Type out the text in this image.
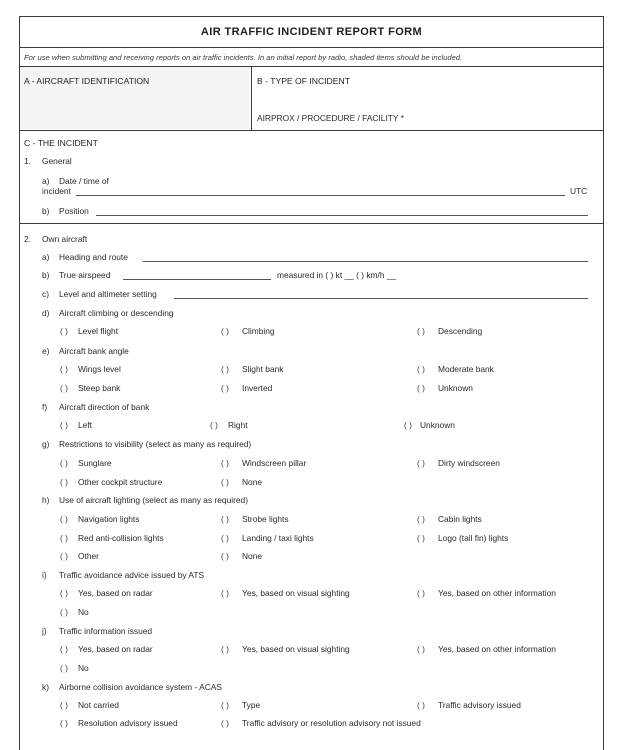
AIR TRAFFIC INCIDENT REPORT FORM
For use when submitting and receiving reports on air traffic incidents. In an initial report by radio, shaded items should be included.
A - AIRCRAFT IDENTIFICATION	B - TYPE OF INCIDENT
AIRPROX / PROCEDURE / FACILITY *
C - THE INCIDENT
1. General
a) Date / time of
incident	UTC
b) Position
2. Own aircraft
a) Heading and route
b) True airspeed	measured in ( ) kt __ ( ) km/h __
c) Level and altimeter setting
d) Aircraft climbing or descending
( ) Level flight	( ) Climbing	( ) Descending
e) Aircraft bank angle
( ) Wings level	( ) Slight bank	( ) Moderate bank
( ) Steep bank	( ) Inverted	( ) Unknown
f) Aircraft direction of bank
( ) Left	( ) Right	( ) Unknown
g) Restrictions to visibility (select as many as required)
( ) Sunglare	( ) Windscreen pillar	( ) Dirty windscreen
( ) Other cockpit structure	( ) None
h) Use of aircraft lighting (select as many as required)
( ) Navigation lights	( ) Strobe lights	( ) Cabin lights
( ) Red anti-collision lights	( ) Landing / taxi lights	( ) Logo (tail fin) lights
( ) Other	( ) None
i) Traffic avoidance advice issued by ATS
( ) Yes, based on radar	( ) Yes, based on visual sighting	( ) Yes, based on other information
( ) No
j) Traffic information issued
( ) Yes, based on radar	( ) Yes, based on visual sighting	( ) Yes, based on other information
( ) No
k) Airborne collision avoidance system - ACAS
( ) Not carried	( ) Type	( ) Traffic advisory issued
( ) Resolution advisory issued	( ) Traffic advisory or resolution advisory not issued
